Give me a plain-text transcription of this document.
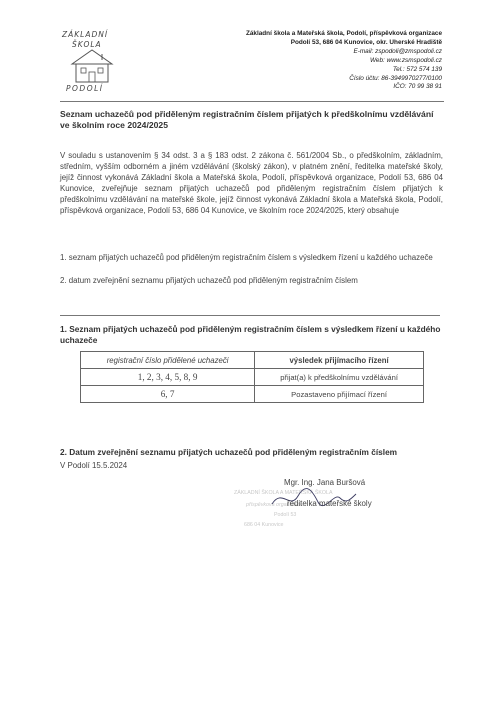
ZÁKLADNÍ
ŠKOLA
PODOLÍ
Základní škola a Mateřská škola, Podolí, příspěvková organizace
Podolí 53, 686 04 Kunovice, okr. Uherské Hradiště
E-mail: zspodoli@zmspodoli.cz
Web: www.zsmspodoli.cz
Tel.: 572 574 139
Číslo účtu: 86-3949970277/0100
IČO: 70 99 38 91
Seznam uchazečů pod přiděleným registračním číslem přijatých k předškolnímu vzdělávání ve školním roce 2024/2025
V souladu s ustanovením § 34 odst. 3 a § 183 odst. 2 zákona č. 561/2004 Sb., o předškolním, základním, středním, vyšším odborném a jiném vzdělávání (školský zákon), v platném znění, ředitelka mateřské školy, jejíž činnost vykonává Základní škola a Mateřská škola, Podolí, příspěvková organizace, Podolí 53, 686 04 Kunovice, zveřejňuje seznam přijatých uchazečů pod přiděleným registračním číslem přijatých k předškolnímu vzdělávání na mateřské škole, jejíž činnost vykonává Základní škola a Mateřská škola, Podolí, příspěvková organizace, Podolí 53, 686 04 Kunovice, ve školním roce 2024/2025, který obsahuje
1. seznam přijatých uchazečů pod přiděleným registračním číslem s výsledkem řízení u každého uchazeče
2. datum zveřejnění seznamu přijatých uchazečů pod přiděleným registračním číslem
1. Seznam přijatých uchazečů pod přiděleným registračním číslem s výsledkem řízení u každého uchazeče
registrační číslo přidělené uchazeči	výsledek přijímacího řízení
1, 2, 3, 4, 5, 8, 9	přijat(a) k předškolnímu vzdělávání
6, 7	Pozastaveno přijímací řízení
2. Datum zveřejnění seznamu přijatých uchazečů pod přiděleným registračním číslem
V Podolí 15.5.2024
Mgr. Ing. Jana Buršová
ZÁKLADNÍ ŠKOLA A MATEŘSKÁ ŠKOLA
příspěvková organizace
Podolí 53
686 04 Kunovice
ředitelka mateřské školy
